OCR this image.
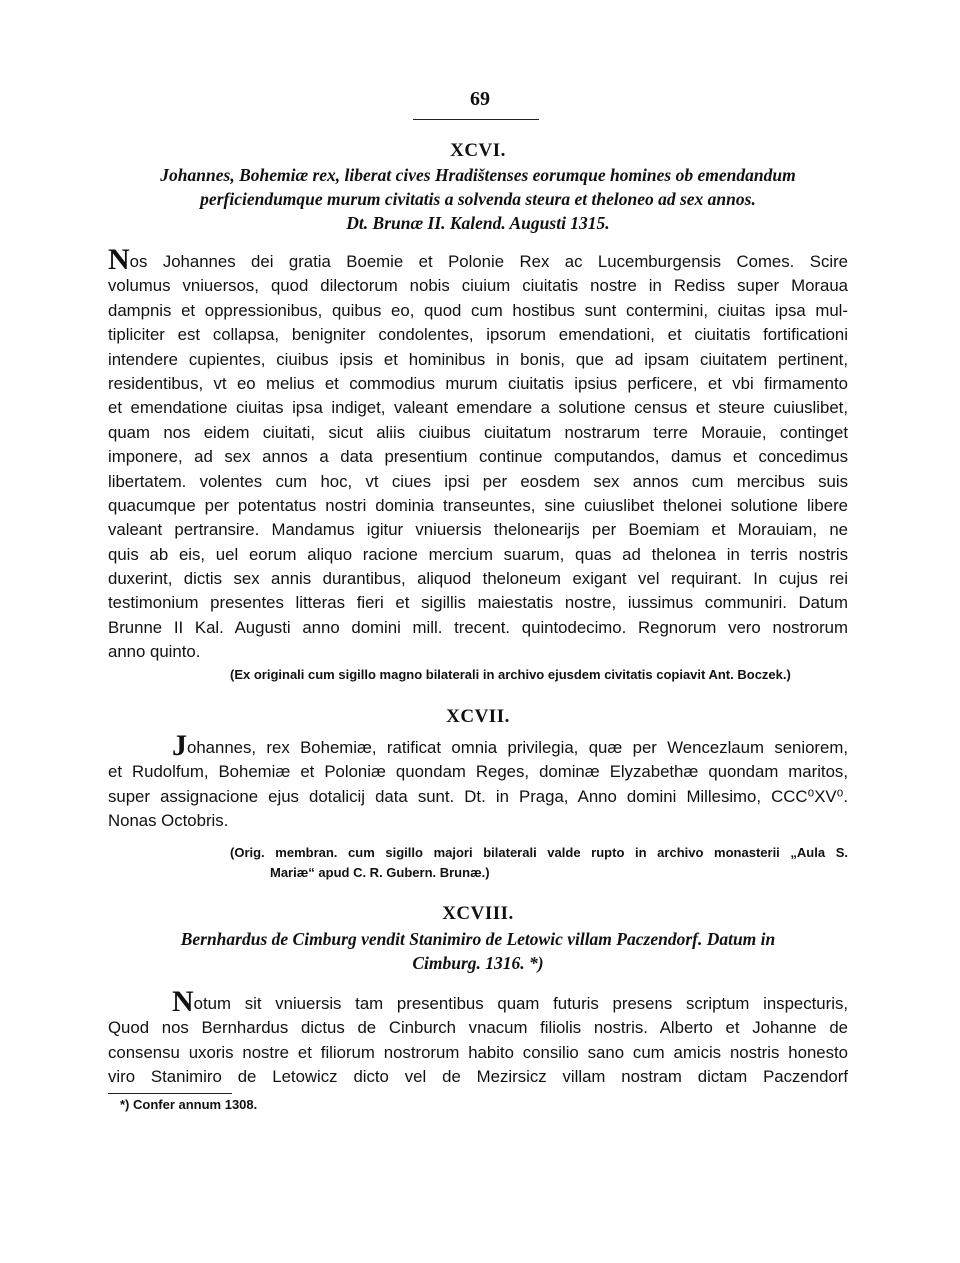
69
XCVI.
Johannes, Bohemiæ rex, liberat cives Hradištenses eorumque homines ob emendandum
perficiendumque murum civitatis a solvenda steura et theloneo ad sex annos.
Dt. Brunæ II. Kalend. Augusti 1315.
Nos Johannes dei gratia Boemie et Polonie Rex ac Lucemburgensis Comes. Scire
volumus vniuersos, quod dilectorum nobis ciuium ciuitatis nostre in Rediss super Moraua
dampnis et oppressionibus, quibus eo, quod cum hostibus sunt contermini, ciuitas ipsa mul-
tipliciter est collapsa, benigniter condolentes, ipsorum emendationi, et ciuitatis fortificationi
intendere cupientes, ciuibus ipsis et hominibus in bonis, que ad ipsam ciuitatem pertinent,
residentibus, vt eo melius et commodius murum ciuitatis ipsius perficere, et vbi firmamento
et emendatione ciuitas ipsa indiget, valeant emendare a solutione census et steure cuiuslibet,
quam nos eidem ciuitati, sicut aliis ciuibus ciuitatum nostrarum terre Morauie, continget
imponere, ad sex annos a data presentium continue computandos, damus et concedimus
libertatem. volentes cum hoc, vt ciues ipsi per eosdem sex annos cum mercibus suis
quacumque per potentatus nostri dominia transeuntes, sine cuiuslibet thelonei solutione libere
valeant pertransire. Mandamus igitur vniuersis thelonearijs per Boemiam et Morauiam, ne
quis ab eis, uel eorum aliquo racione mercium suarum, quas ad thelonea in terris nostris
duxerint, dictis sex annis durantibus, aliquod theloneum exigant vel requirant. In cujus rei
testimonium presentes litteras fieri et sigillis maiestatis nostre, iussimus communiri. Datum
Brunne II Kal. Augusti anno domini mill. trecent. quintodecimo. Regnorum vero nostrorum
anno quinto.
(Ex originali cum sigillo magno bilaterali in archivo ejusdem civitatis copiavit Ant. Boczek.)
XCVII.
Johannes, rex Bohemiæ, ratificat omnia privilegia, quæ per Wencezlaum seniorem,
et Rudolfum, Bohemiæ et Poloniæ quondam Reges, dominæ Elyzabethæ quondam maritos,
super assignacione ejus dotalicij data sunt. Dt. in Praga, Anno domini Millesimo, CCC⁰XV⁰.
Nonas Octobris.
(Orig. membran. cum sigillo majori bilaterali valde rupto in archivo monasterii „Aula S.
Mariæ“ apud C. R. Gubern. Brunæ.)
XCVIII.
Bernhardus de Cimburg vendit Stanimiro de Letowic villam Paczendorf. Datum in
Cimburg. 1316. *)
Notum sit vniuersis tam presentibus quam futuris presens scriptum inspecturis,
Quod nos Bernhardus dictus de Cinburch vnacum filiolis nostris. Alberto et Johanne de
consensu uxoris nostre et filiorum nostrorum habito consilio sano cum amicis nostris honesto
viro Stanimiro de Letowicz dicto vel de Mezirsicz villam nostram dictam Paczendorf
*) Confer annum 1308.
